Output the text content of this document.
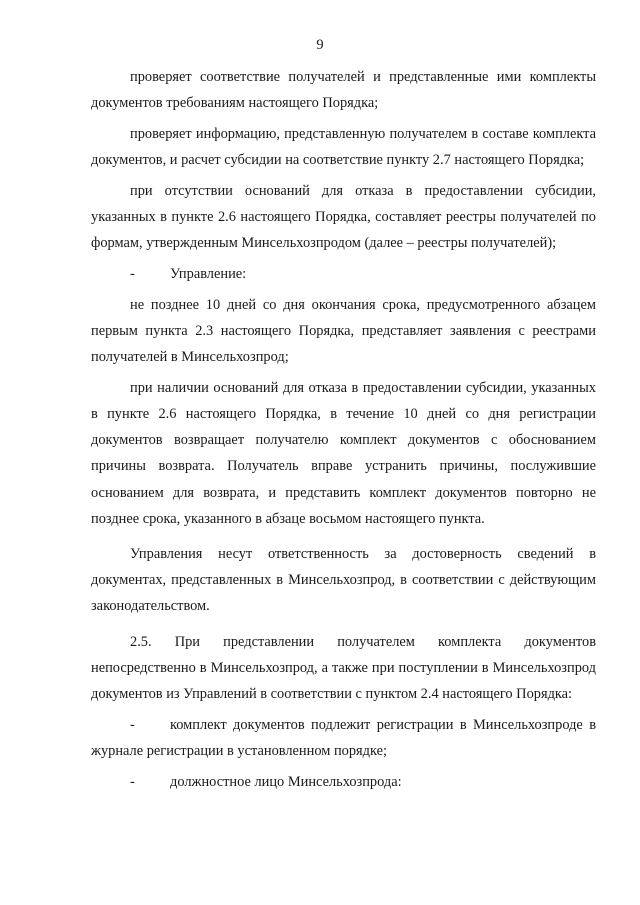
9

проверяет соответствие получателей и представленные ими комплекты документов требованиям настоящего Порядка;

проверяет информацию, представленную получателем в составе комплекта документов, и расчет субсидии на соответствие пункту 2.7 настоящего Порядка;

при отсутствии оснований для отказа в предоставлении субсидии, указанных в пункте 2.6 настоящего Порядка, составляет реестры получателей по формам, утвержденным Минсельхозпродом (далее – реестры получателей);

- Управление:

не позднее 10 дней со дня окончания срока, предусмотренного абзацем первым пункта 2.3 настоящего Порядка, представляет заявления с реестрами получателей в Минсельхозпрод;

при наличии оснований для отказа в предоставлении субсидии, указанных в пункте 2.6 настоящего Порядка, в течение 10 дней со дня регистрации документов возвращает получателю комплект документов с обоснованием причины возврата. Получатель вправе устранить причины, послужившие основанием для возврата, и представить комплект документов повторно не позднее срока, указанного в абзаце восьмом настоящего пункта.

Управления несут ответственность за достоверность сведений в документах, представленных в Минсельхозпрод, в соответствии с действующим законодательством.

2.5. При представлении получателем комплекта документов непосредственно в Минсельхозпрод, а также при поступлении в Минсельхозпрод документов из Управлений в соответствии с пунктом 2.4 настоящего Порядка:

- комплект документов подлежит регистрации в Минсельхозпроде в журнале регистрации в установленном порядке;

- должностное лицо Минсельхозпрода:
